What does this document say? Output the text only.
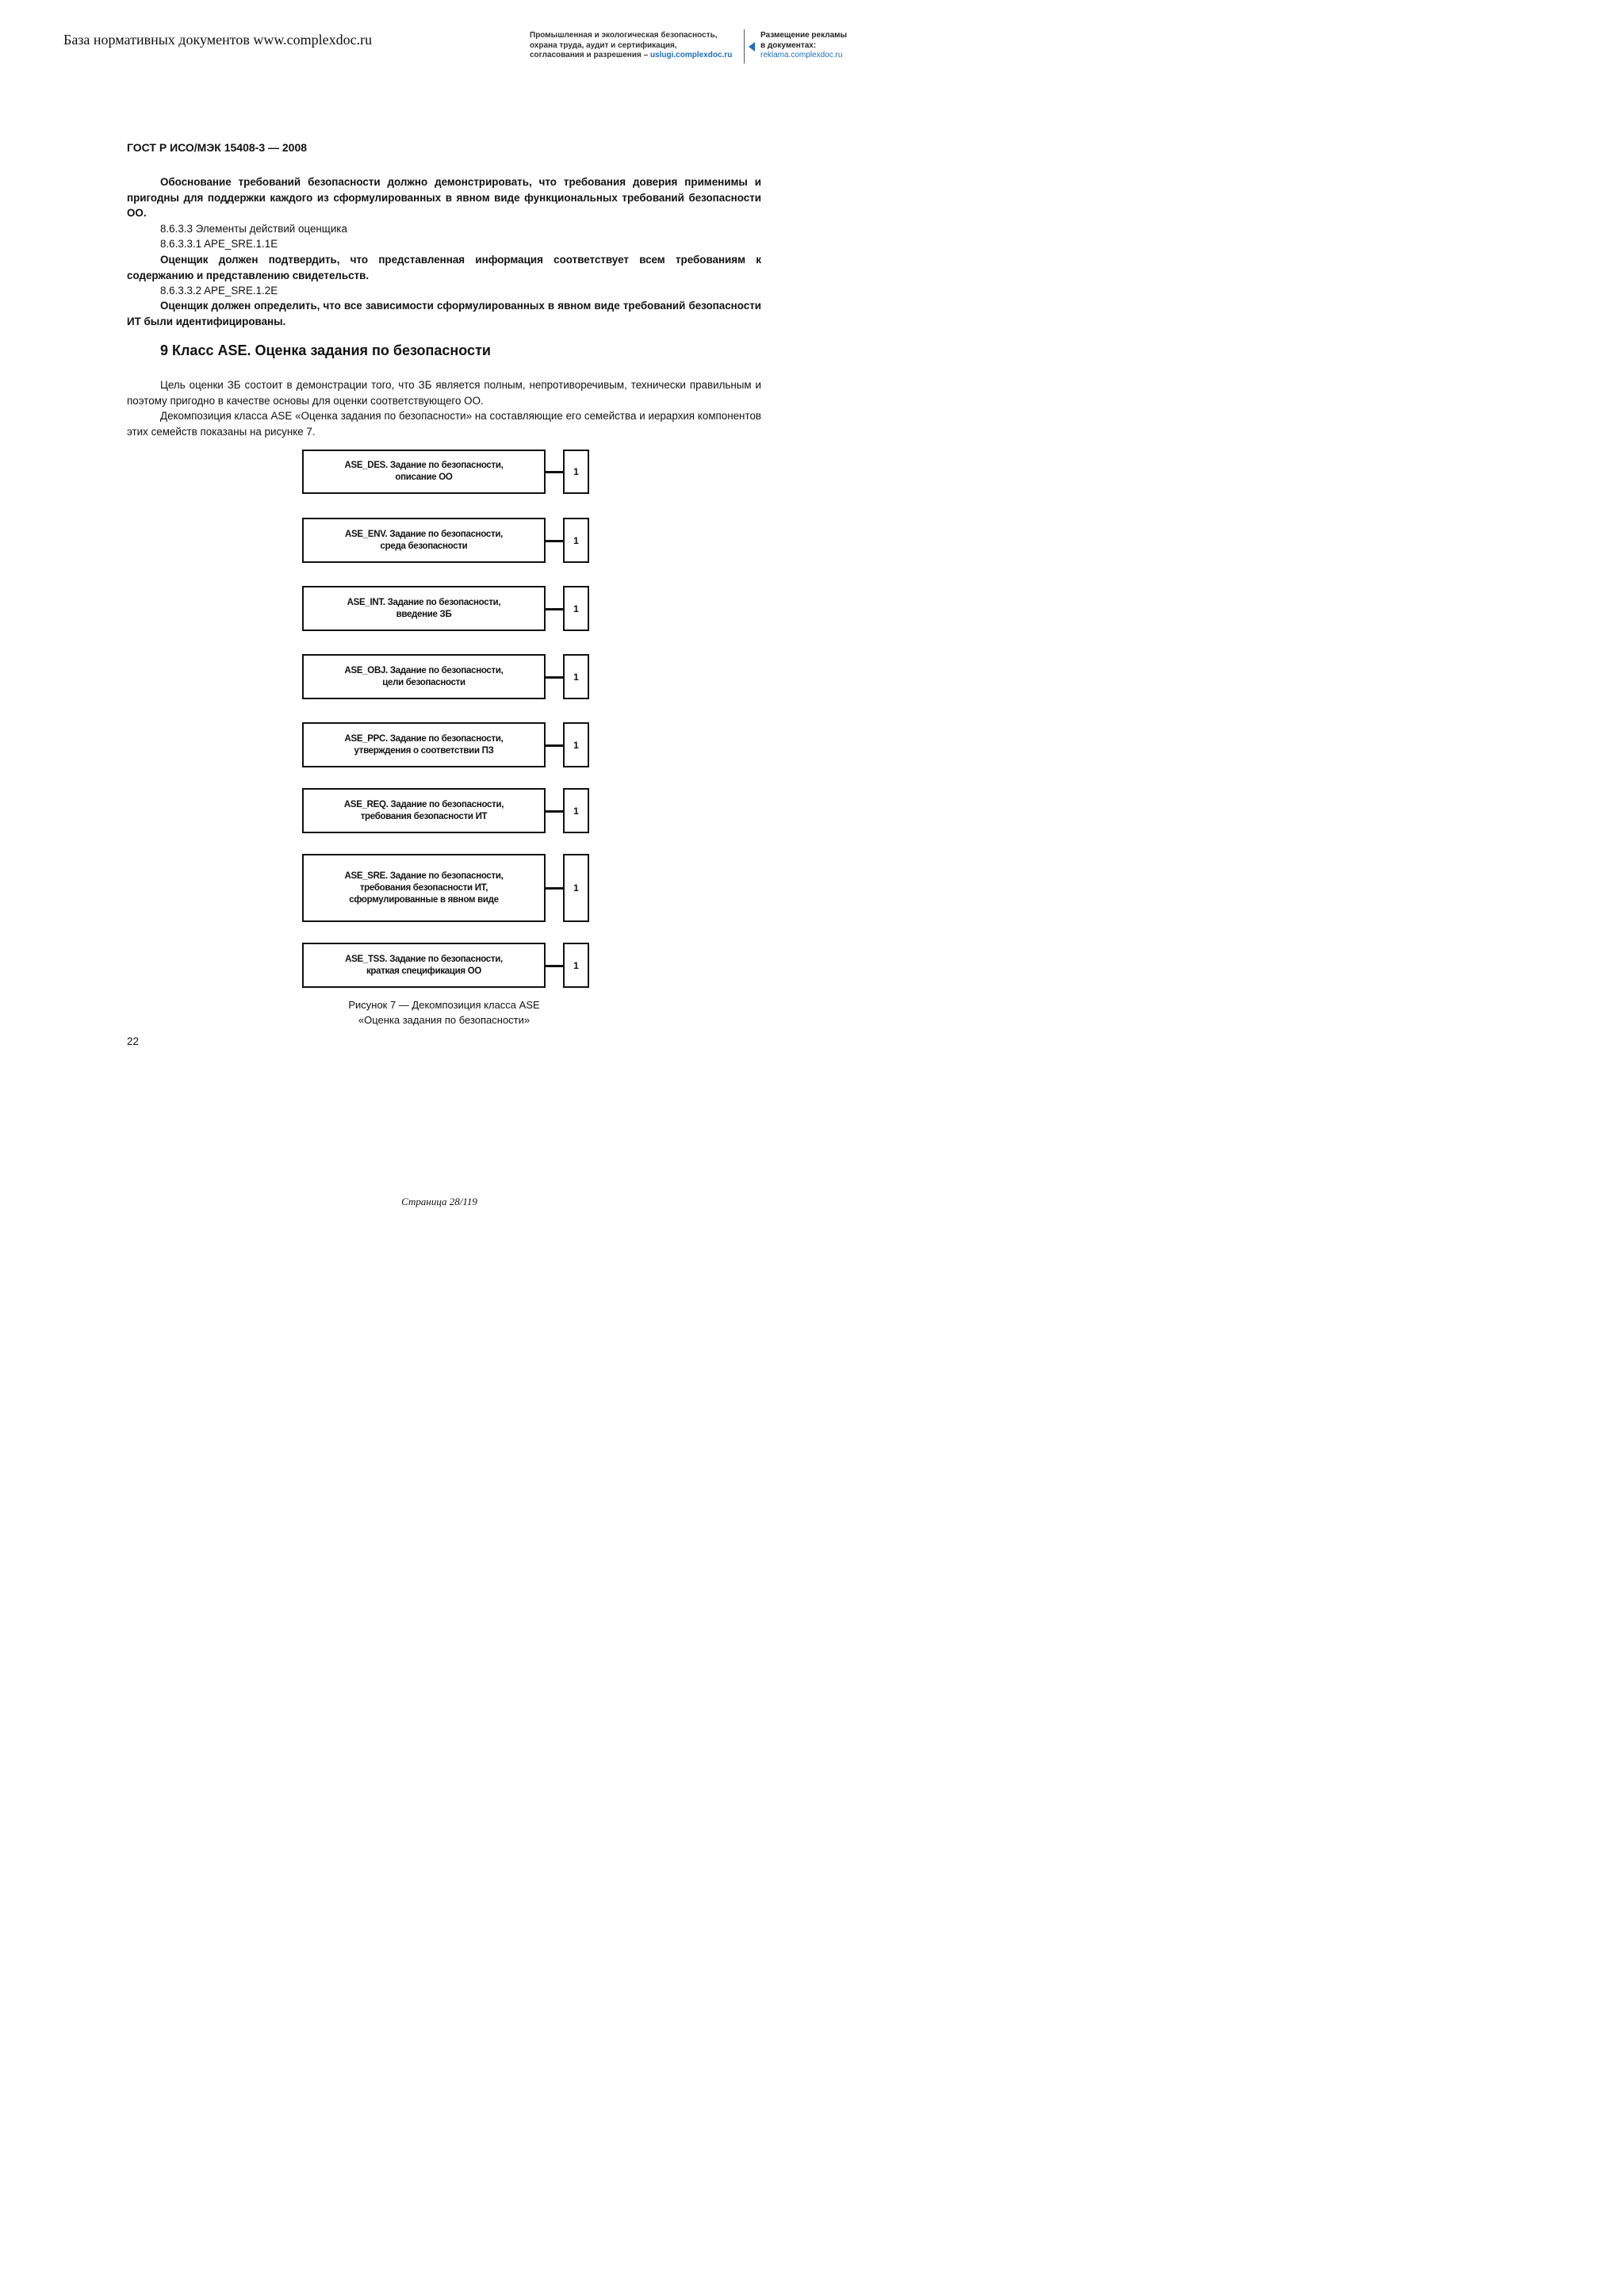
База нормативных документов www.complexdoc.ru	Промышленная и экологическая безопасность,
охрана труда, аудит и сертификация,
согласования и разрешения – uslugi.complexdoc.ru
Размещение рекламы
в документах:
reklama.complexdoc.ru
ГОСТ Р ИСО/МЭК 15408-3 — 2008

Обоснование требований безопасности должно демонстрировать, что требования доверия применимы и пригодны для поддержки каждого из сформулированных в явном виде функциональных требований безопасности ОО.

8.6.3.3 Элементы действий оценщика
8.6.3.3.1 APE_SRE.1.1E

Оценщик должен подтвердить, что представленная информация соответствует всем требованиям к содержанию и представлению свидетельств.

8.6.3.3.2 APE_SRE.1.2E

Оценщик должен определить, что все зависимости сформулированных в явном виде требований безопасности ИТ были идентифицированы.

9 Класс ASE. Оценка задания по безопасности

Цель оценки ЗБ состоит в демонстрации того, что ЗБ является полным, непротиворечивым, технически правильным и поэтому пригодно в качестве основы для оценки соответствующего ОО.

Декомпозиция класса ASE «Оценка задания по безопасности» на составляющие его семейства и иерархия компонентов этих семейств показаны на рисунке 7.

ASE_DES. Задание по безопасности,
описание ОО	1
ASE_ENV. Задание по безопасности,
среда безопасности	1
ASE_INT. Задание по безопасности,
введение ЗБ	1
ASE_OBJ. Задание по безопасности,
цели безопасности	1
ASE_PPC. Задание по безопасности,
утверждения о соответствии ПЗ	1
ASE_REQ. Задание по безопасности,
требования безопасности ИТ	1
ASE_SRE. Задание по безопасности,
требования безопасности ИТ,
сформулированные в явном виде
1
ASE_TSS. Задание по безопасности,
краткая спецификация ОО	1
Рисунок 7 — Декомпозиция класса ASE
«Оценка задания по безопасности»
22
Страница 28/119
